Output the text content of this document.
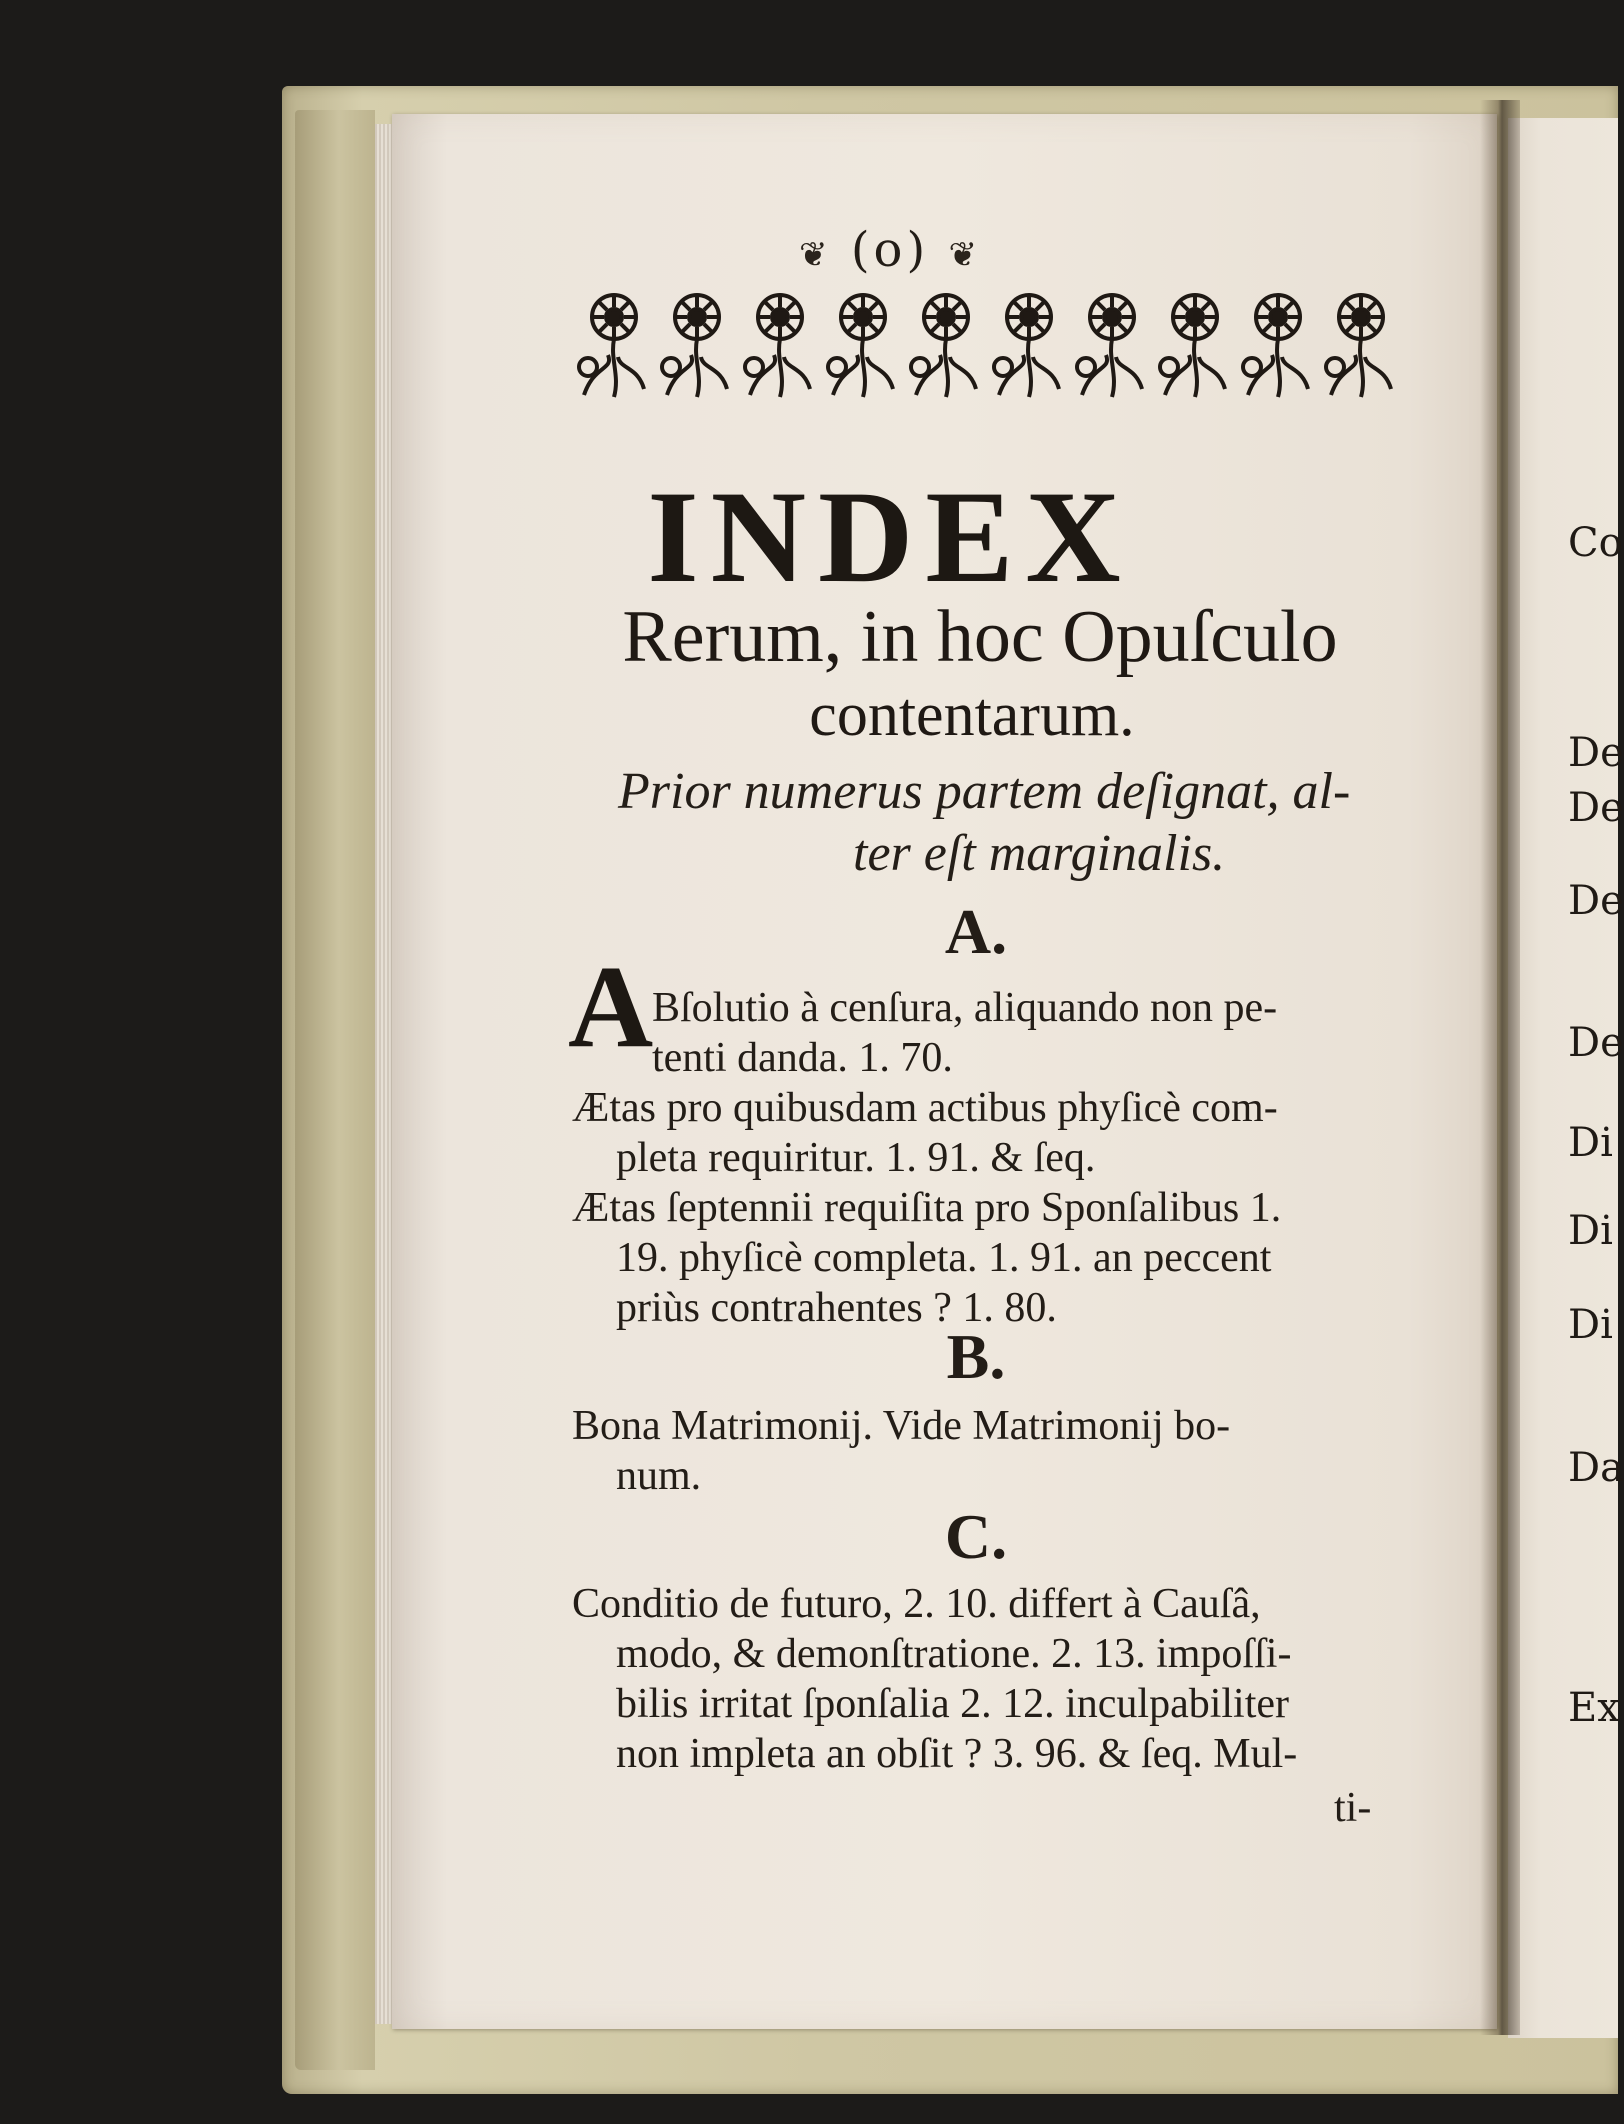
Co
De
De
De
De
Di
Di
Di
Da
Ex
❦ (o) ❦
INDEX
Rerum, in hoc Opuſculo
contentarum.
Prior numerus partem deſignat, al-
ter eſt marginalis.
A.
A
Bſolutio à cenſura, aliquando non pe-
tenti danda. 1. 70.
Ætas pro quibusdam actibus phyſicè com-
pleta requiritur. 1. 91. & ſeq.
Ætas ſeptennii requiſita pro Sponſalibus 1.
19. phyſicè completa. 1. 91. an peccent
priùs contrahentes ? 1. 80.
B.
Bona Matrimonij. Vide Matrimonij bo-
num.
C.
Conditio de futuro, 2. 10. differt à Cauſâ,
modo, & demonſtratione. 2. 13. impoſſi-
bilis irritat ſponſalia 2. 12. inculpabiliter
non impleta an obſit ? 3. 96. & ſeq. Mul-
ti-
